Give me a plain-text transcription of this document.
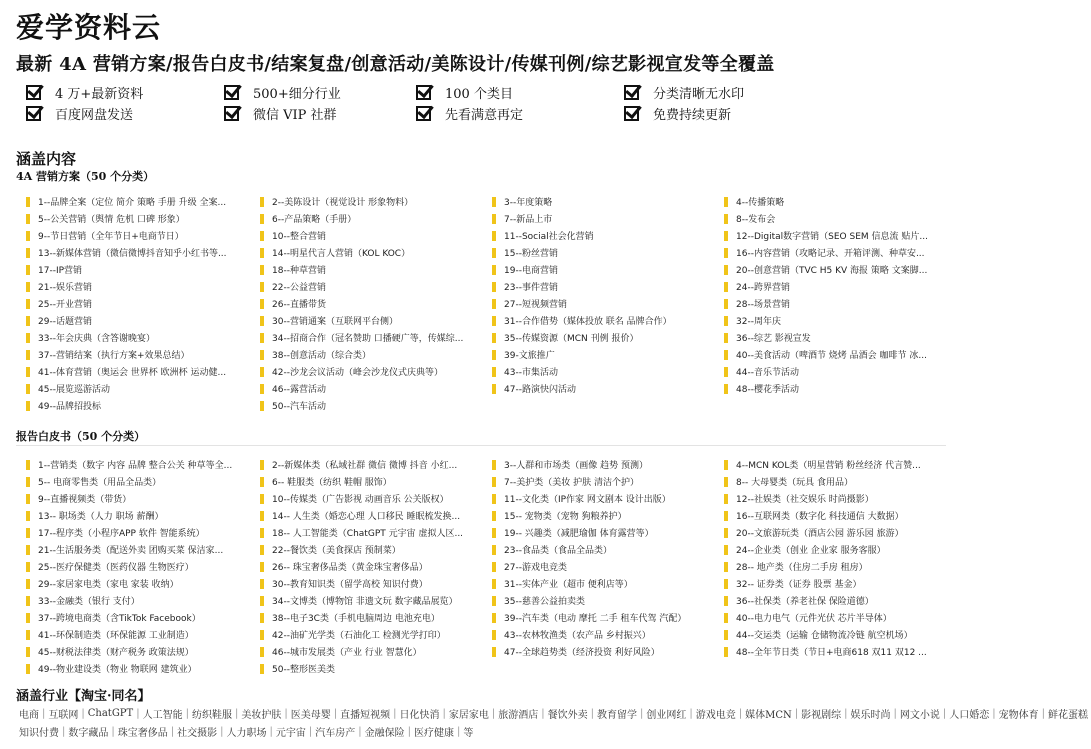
爱学资料云
最新 4A 营销方案/报告白皮书/结案复盘/创意活动/美陈设计/传媒刊例/综艺影视宣发等全覆盖
4 万+最新资料	500+细分行业	100 个类目	分类清晰无水印
百度网盘发送	微信 VIP 社群	先看满意再定	免费持续更新
涵盖内容
4A 营销方案（50 个分类）
1--品牌全案（定位 简介 策略 手册 升级 全案...	2--美陈设计（视觉设计 形象物料）	3--年度策略	4--传播策略
5--公关营销（舆情 危机 口碑 形象）	6--产品策略（手册）	7--新品上市	8--发布会
9--节日营销（全年节日+电商节日）	10--整合营销	11--Social社会化营销	12--Digital数字营销（SEO SEM 信息流 贴片...
13--新媒体营销（微信微博抖音知乎小红书等...	14--明星代言人营销（KOL KOC）	15--粉丝营销	16--内容营销（攻略记录、开箱评测、种草安...
17--IP营销	18--种草营销	19--电商营销	20--创意营销（TVC H5 KV 海报 策略 文案脚...
21--娱乐营销	22--公益营销	23--事件营销	24--跨界营销
25--开业营销	26--直播带货	27--短视频营销	28--场景营销
29--话题营销	30--营销通案（互联网平台侧）	31--合作借势（媒体投放 联名 品牌合作）	32--周年庆
33--年会庆典（含答谢晚宴）	34--招商合作（冠名赞助 口播硬广等，传媒综...	35--传媒资源（MCN 刊例 报价）	36--综艺 影视宣发
37--营销结案（执行方案+效果总结）	38--创意活动（综合类）	39-文旅推广	40--美食活动（啤酒节 烧烤 品酒会 咖啡节 冰...
41--体育营销（奥运会 世界杯 欧洲杯 运动健...	42--沙龙会议活动（峰会沙龙仪式庆典等）	43--市集活动	44--音乐节活动
45--展览巡游活动	46--露营活动	47--路演快闪活动	48--樱花季活动
49--品牌招投标	50--汽车活动
报告白皮书（50 个分类）
1--营销类（数字 内容 品牌 整合公关 种草等全...	2--新媒体类（私域社群 微信 微博 抖音 小红...	3--人群和市场类（画像 趋势 预测）	4--MCN KOL类（明星营销 粉丝经济 代言赞...
5-- 电商零售类（用品全品类）	6-- 鞋服类（纺织 鞋帽 服饰）	7--美护类（美妆 护肤 清洁个护）	8-- 大母婴类（玩具 食用品）
9--直播视频类（带货）	10--传媒类（广告影视 动画音乐 公关版权）	11--文化类（IP作家 网文剧本 设计出版）	12--社娱类（社交娱乐 时尚摄影）
13-- 职场类（人力 职场 薪酬）	14-- 人生类（婚恋心理 人口移民 睡眠梳发换...	15-- 宠物类（宠物 狗粮养护）	16--互联网类（数字化 科技通信 大数据）
17--程序类（小程序APP 软件 智能系统）	18-- 人工智能类（ChatGPT 元宇宙 虚拟人区...	19-- 兴趣类（减肥瑜伽 体育露营等）	20--文旅游玩类（酒店公园 游乐园 旅游）
21--生活服务类（配送外卖 团购买菜 保洁家...	22--餐饮类（美食探店 预制菜）	23--食品类（食品全品类）	24--企业类（创业 企业家 服务客服）
25--医疗保健类（医药仪器 生物医疗）	26-- 珠宝奢侈品类（黄金珠宝奢侈品）	27--游戏电竞类	28-- 地产类（住房二手房 租房）
29--家居家电类（家电 家装 收纳）	30--教育知识类（留学高校 知识付费）	31--实体产业（超市 便利店等）	32-- 证券类（证券 股票 基金）
33--金融类（银行 支付）	34--文博类（博物馆 非遗文玩 数字藏品展览）	35--慈善公益拍卖类	36--社保类（养老社保 保险道德）
37--跨境电商类（含TikTok Facebook）	38--电子3C类（手机电脑周边 电池充电）	39--汽车类（电动 摩托 二手 租车代驾 汽配）	40--电力电气（元件光伏 芯片半导体）
41--环保制造类（环保能源 工业制造）	42--油矿光学类（石油化工 检测光学打印）	43--农林牧渔类（农产品 乡村振兴）	44--交运类（运输 仓储物流冷链 航空机场）
45--财税法律类（财产税务 政策法规）	46--城市发展类（产业 行业 智慧化）	47--全球趋势类（经济投资 利好风险）	48--全年节日类（节日+电商618 双11 双12 ...
49--物业建设类（物业 物联网 建筑业）	50--整形医美类
涵盖行业【淘宝·同名】
电商 | 互联网 | ChatGPT | 人工智能 | 纺织鞋服 | 美妆护肤 | 医美母婴 | 直播短视频 | 日化快消 | 家居家电 | 旅游酒店 | 餐饮外卖 | 教育留学 | 创业网红 | 游戏电竞 | 媒体MCN | 影视剧综 | 娱乐时尚 | 网文小说 | 人口婚恋 | 宠物体育 | 鲜花蛋糕
知识付费 | 数字藏品 | 珠宝奢侈品 | 社交摄影 | 人力职场 | 元宇宙 | 汽车房产 | 金融保险 | 医疗健康 | 等
